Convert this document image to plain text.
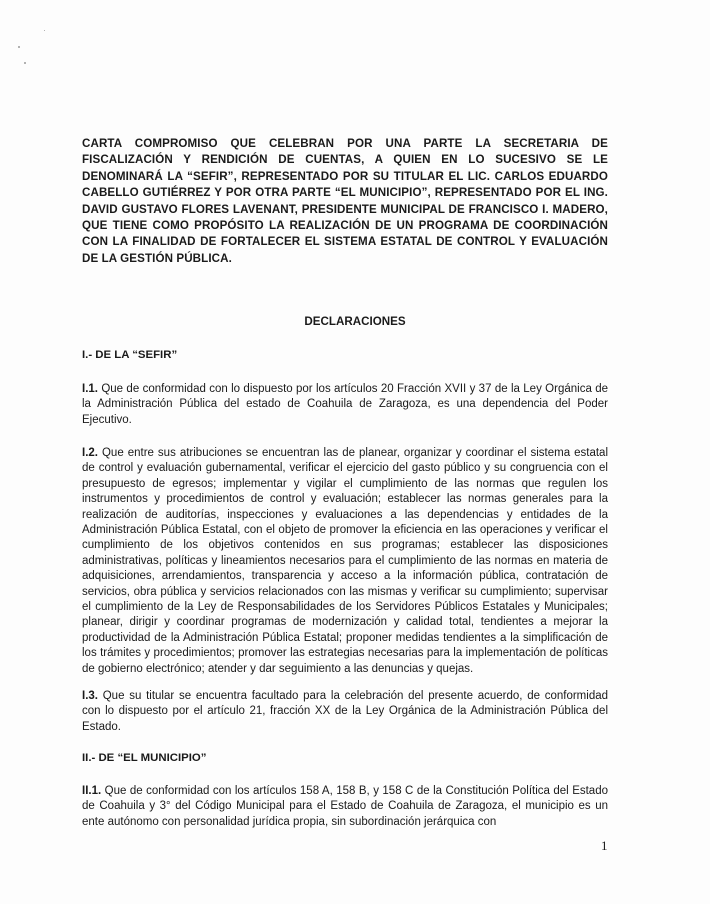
CARTA COMPROMISO QUE CELEBRAN POR UNA PARTE LA SECRETARIA DE FISCALIZACIÓN Y RENDICIÓN DE CUENTAS, A QUIEN EN LO SUCESIVO SE LE DENOMINARÁ LA “SEFIR”, REPRESENTADO POR SU TITULAR EL LIC. CARLOS EDUARDO CABELLO GUTIÉRREZ Y POR OTRA PARTE “EL MUNICIPIO”, REPRESENTADO POR EL ING. DAVID GUSTAVO FLORES LAVENANT, PRESIDENTE MUNICIPAL DE FRANCISCO I. MADERO, QUE TIENE COMO PROPÓSITO LA REALIZACIÓN DE UN PROGRAMA DE COORDINACIÓN CON LA FINALIDAD DE FORTALECER EL SISTEMA ESTATAL DE CONTROL Y EVALUACIÓN DE LA GESTIÓN PÚBLICA.
DECLARACIONES
I.- DE LA “SEFIR”
I.1. Que de conformidad con lo dispuesto por los artículos 20 Fracción XVII y 37 de la Ley Orgánica de la Administración Pública del estado de Coahuila de Zaragoza, es una dependencia del Poder Ejecutivo.
I.2. Que entre sus atribuciones se encuentran las de planear, organizar y coordinar el sistema estatal de control y evaluación gubernamental, verificar el ejercicio del gasto público y su congruencia con el presupuesto de egresos; implementar y vigilar el cumplimiento de las normas que regulen los instrumentos y procedimientos de control y evaluación; establecer las normas generales para la realización de auditorías, inspecciones y evaluaciones a las dependencias y entidades de la Administración Pública Estatal, con el objeto de promover la eficiencia en las operaciones y verificar el cumplimiento de los objetivos contenidos en sus programas; establecer las disposiciones administrativas, políticas y lineamientos necesarios para el cumplimiento de las normas en materia de adquisiciones, arrendamientos, transparencia y acceso a la información pública, contratación de servicios, obra pública y servicios relacionados con las mismas y verificar su cumplimiento; supervisar el cumplimiento de la Ley de Responsabilidades de los Servidores Públicos Estatales y Municipales; planear, dirigir y coordinar programas de modernización y calidad total, tendientes a mejorar la productividad de la Administración Pública Estatal; proponer medidas tendientes a la simplificación de los trámites y procedimientos; promover las estrategias necesarias para la implementación de políticas de gobierno electrónico; atender y dar seguimiento a las denuncias y quejas.
I.3. Que su titular se encuentra facultado para la celebración del presente acuerdo, de conformidad con lo dispuesto por el artículo 21, fracción XX de la Ley Orgánica de la Administración Pública del Estado.
II.- DE “EL MUNICIPIO”
II.1. Que de conformidad con los artículos 158 A, 158 B, y 158 C de la Constitución Política del Estado de Coahuila y 3° del Código Municipal para el Estado de Coahuila de Zaragoza, el municipio es un ente autónomo con personalidad jurídica propia, sin subordinación jerárquica con
1
